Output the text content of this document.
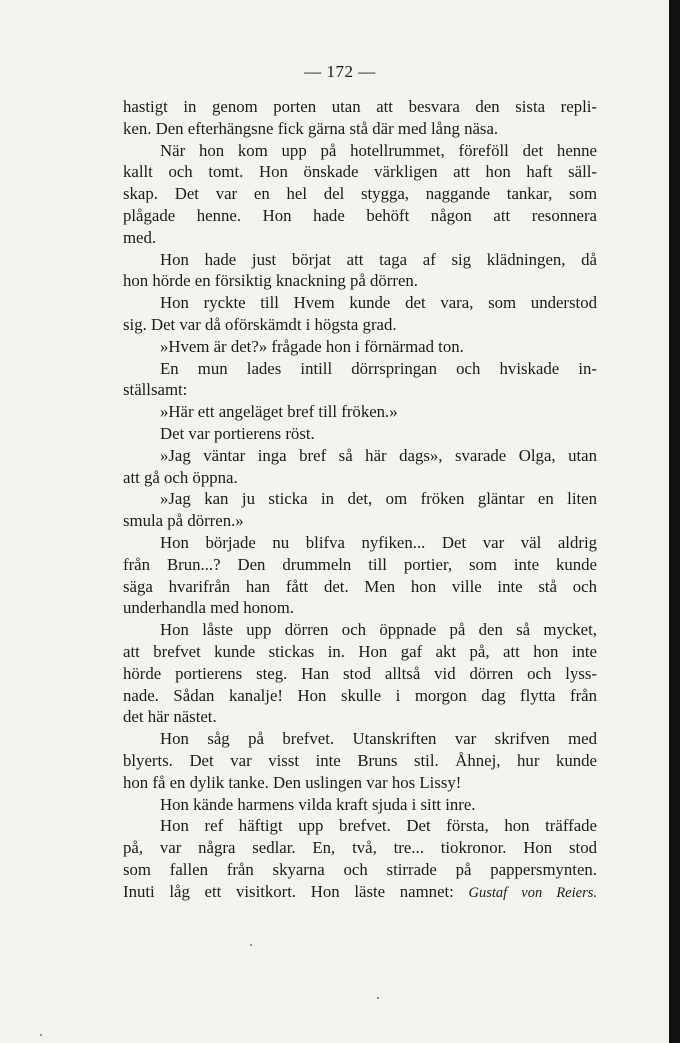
— 172 —
hastigt in genom porten utan att besvara den sista repli-
ken. Den efterhängsne fick gärna stå där med lång näsa.
När hon kom upp på hotellrummet, föreföll det henne
kallt och tomt. Hon önskade värkligen att hon haft säll-
skap. Det var en hel del stygga, naggande tankar, som
plågade henne. Hon hade behöft någon att resonnera
med.
Hon hade just börjat att taga af sig klädningen, då
hon hörde en försiktig knackning på dörren.
Hon ryckte till Hvem kunde det vara, som understod
sig. Det var då oförskämdt i högsta grad.
»Hvem är det?» frågade hon i förnärmad ton.
En mun lades intill dörrspringan och hviskade in-
ställsamt:
»Här ett angeläget bref till fröken.»
Det var portierens röst.
»Jag väntar inga bref så här dags», svarade Olga, utan
att gå och öppna.
»Jag kan ju sticka in det, om fröken gläntar en liten
smula på dörren.»
Hon började nu blifva nyfiken... Det var väl aldrig
från Brun...? Den drummeln till portier, som inte kunde
säga hvarifrån han fått det. Men hon ville inte stå och
underhandla med honom.
Hon låste upp dörren och öppnade på den så mycket,
att brefvet kunde stickas in. Hon gaf akt på, att hon inte
hörde portierens steg. Han stod alltså vid dörren och lyss-
nade. Sådan kanalje! Hon skulle i morgon dag flytta från
det här nästet.
Hon såg på brefvet. Utanskriften var skrifven med
blyerts. Det var visst inte Bruns stil. Åhnej, hur kunde
hon få en dylik tanke. Den uslingen var hos Lissy!
Hon kände harmens vilda kraft sjuda i sitt inre.
Hon ref häftigt upp brefvet. Det första, hon träffade
på, var några sedlar. En, två, tre... tiokronor. Hon stod
som fallen från skyarna och stirrade på pappersmynten.
Inuti låg ett visitkort. Hon läste namnet: Gustaf von Reiers.
